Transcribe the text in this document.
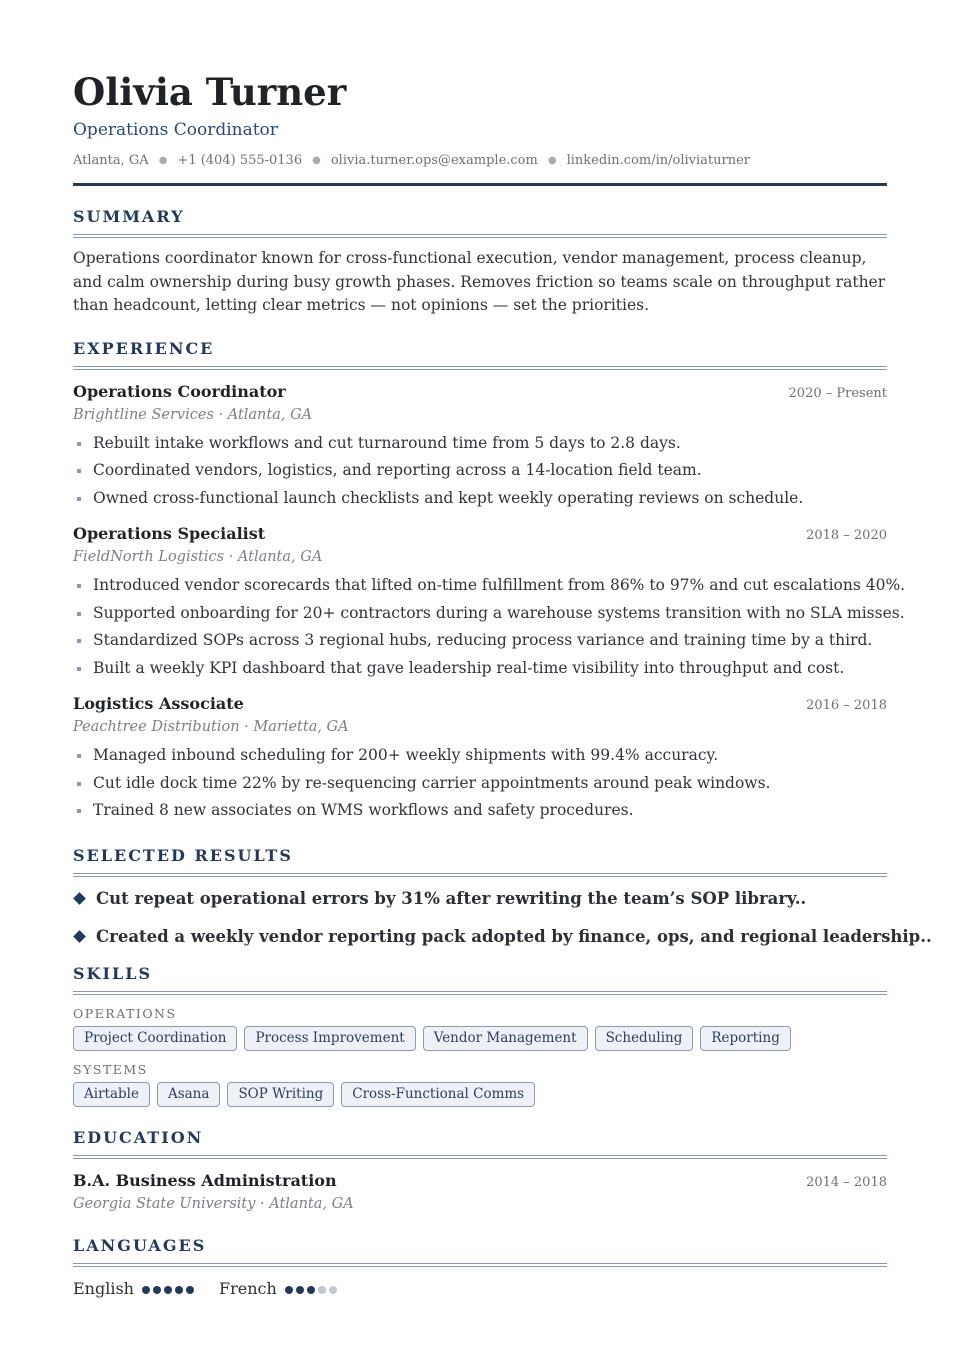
Olivia Turner
Operations Coordinator
Atlanta, GA ● +1 (404) 555-0136 ● olivia.turner.ops@example.com ● linkedin.com/in/oliviaturner
SUMMARY
Operations coordinator known for cross-functional execution, vendor management, process cleanup, and calm ownership during busy growth phases. Removes friction so teams scale on throughput rather than headcount, letting clear metrics — not opinions — set the priorities.
EXPERIENCE
Operations Coordinator	2020 – Present
Brightline Services · Atlanta, GA
Rebuilt intake workflows and cut turnaround time from 5 days to 2.8 days.
Coordinated vendors, logistics, and reporting across a 14-location field team.
Owned cross-functional launch checklists and kept weekly operating reviews on schedule.
Operations Specialist	2018 – 2020
FieldNorth Logistics · Atlanta, GA
Introduced vendor scorecards that lifted on-time fulfillment from 86% to 97% and cut escalations 40%.
Supported onboarding for 20+ contractors during a warehouse systems transition with no SLA misses.
Standardized SOPs across 3 regional hubs, reducing process variance and training time by a third.
Built a weekly KPI dashboard that gave leadership real-time visibility into throughput and cost.
Logistics Associate	2016 – 2018
Peachtree Distribution · Marietta, GA
Managed inbound scheduling for 200+ weekly shipments with 99.4% accuracy.
Cut idle dock time 22% by re-sequencing carrier appointments around peak windows.
Trained 8 new associates on WMS workflows and safety procedures.
SELECTED RESULTS
Cut repeat operational errors by 31% after rewriting the team’s SOP library..
Created a weekly vendor reporting pack adopted by finance, ops, and regional leadership..
SKILLS
OPERATIONS
Project Coordination	Process Improvement	Vendor Management	Scheduling	Reporting
SYSTEMS
Airtable	Asana	SOP Writing	Cross-Functional Comms
EDUCATION
B.A. Business Administration	2014 – 2018
Georgia State University · Atlanta, GA
LANGUAGES
English	French
